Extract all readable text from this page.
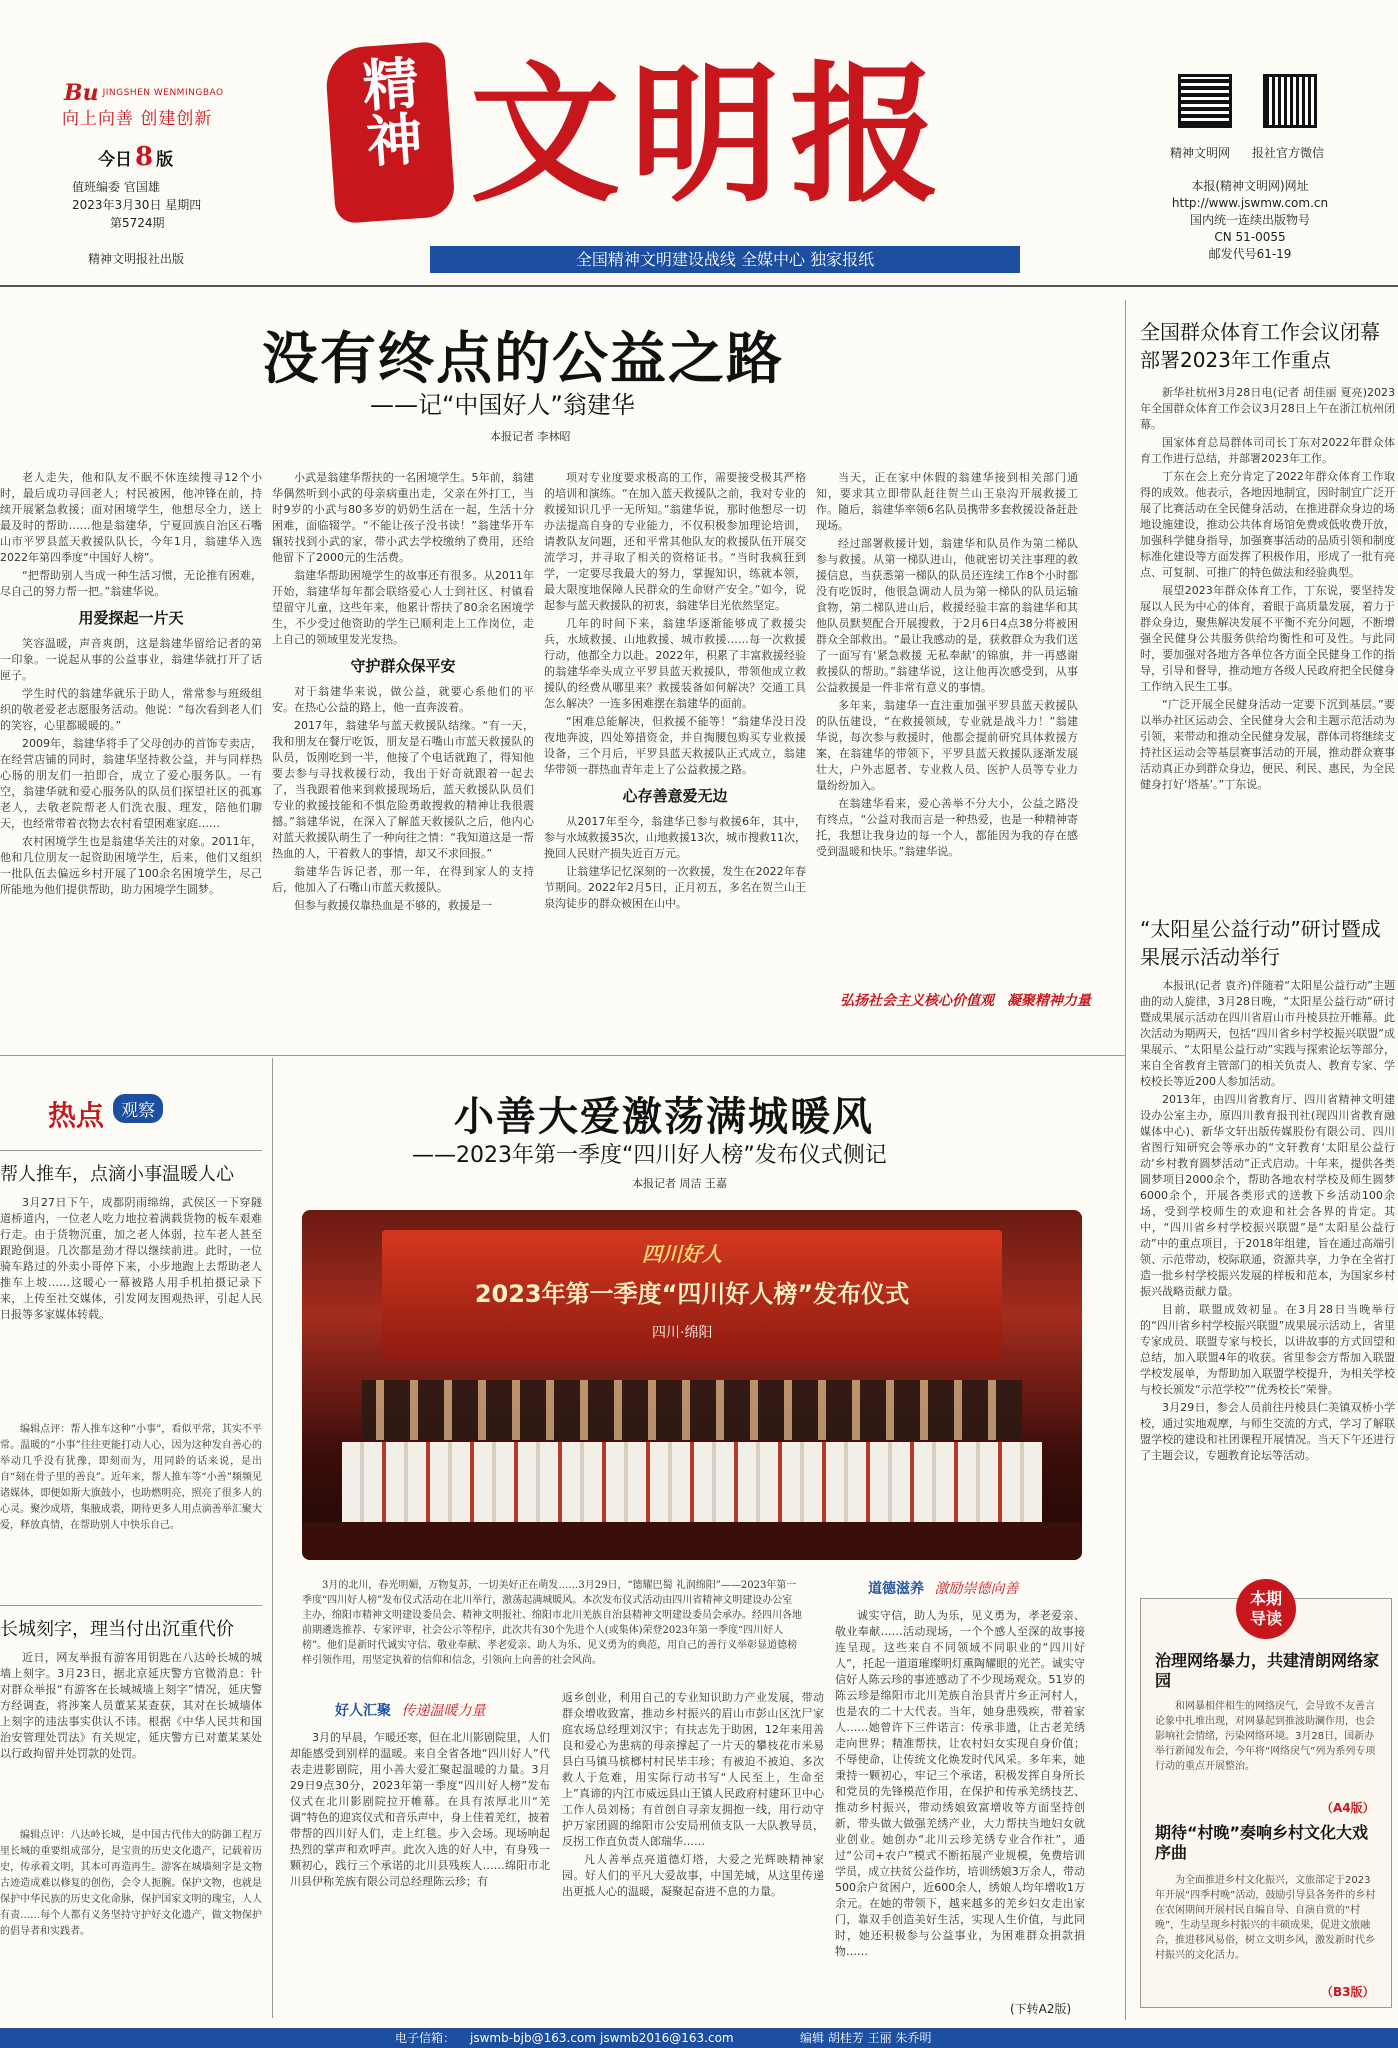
Bu JINGSHEN WENMINGBAO
向上向善 创建创新
今日 8 版
值班编委 官国雄
2023年3月30日 星期四
第5724期
精神文明报社出版
精神 文明报
全国精神文明建设战线 全媒中心 独家报纸
精神文明网 报社官方微信
本报(精神文明网)网址
http://www.jswmw.com.cn
国内统一连续出版物号
CN 51-0055
邮发代号61-19
没有终点的公益之路
——记“中国好人”翁建华
本报记者 李林昭

老人走失，他和队友不眠不休连续搜寻12个小时，最后成功寻回老人；村民被困，他冲锋在前，持续开展紧急救援；面对困境学生，他想尽全力，送上最及时的帮助……他是翁建华，宁夏回族自治区石嘴山市平罗县蓝天救援队队长，今年1月，翁建华入选2022年第四季度“中国好人榜”。

“把帮助别人当成一种生活习惯，无论推有困难，尽自己的努力帮一把。”翁建华说。

用爱探起一片天

笑容温暖，声音爽朗，这是翁建华留给记者的第一印象。一说起从事的公益事业，翁建华就打开了话匣子。

学生时代的翁建华就乐于助人，常常参与班级组织的敬老爱老志愿服务活动。他说：“每次看到老人们的笑容，心里都暖暖的。”

2009年，翁建华将手了父母创办的首饰专卖店，在经营店铺的同时，翁建华坚持救公益，并与同样热心肠的朋友们一拍即合，成立了爱心服务队。一有空，翁建华就和爱心服务队的队员们探望社区的孤寡老人，去敬老院帮老人们洗衣服、理发，陪他们聊天，也经常带着衣物去农村看望困难家庭……

农村困境学生也是翁建华关注的对象。2011年，他和几位朋友一起资助困境学生，后来，他们又组织一批队伍去偏远乡村开展了100余名困境学生，尽己所能地为他们提供帮助，助力困境学生圆梦。

小武是翁建华帮扶的一名困境学生。5年前，翁建华偶然听到小武的母亲病重出走，父亲在外打工，当时9岁的小武与80多岁的奶奶生活在一起，生活十分困难，面临辍学。“不能让孩子没书读！”翁建华开车辗转找到小武的家，带小武去学校缴纳了费用，还给他留下了2000元的生活费。

翁建华帮助困境学生的故事还有很多。从2011年开始，翁建华每年都会联络爱心人士到社区、村镇看望留守儿童，这些年来，他累计帮扶了80余名困境学生，不少受过他资助的学生已顺利走上工作岗位，走上自己的领域里发光发热。

守护群众保平安

对于翁建华来说，做公益，就要心系他们的平安。在热心公益的路上，他一直奔波着。

2017年，翁建华与蓝天救援队结缘。“有一天，我和朋友在餐厅吃饭，朋友是石嘴山市蓝天救援队的队员，饭刚吃到一半，他接了个电话就跑了，得知他要去参与寻找救援行动，我出于好奇就跟着一起去了，当我跟着他来到救援现场后，蓝天救援队队员们专业的救援技能和不惧危险勇敢搜救的精神让我很震撼。”翁建华说，在深入了解蓝天救援队之后，他内心对蓝天救援队萌生了一种向往之情：“我知道这是一帮热血的人，干着救人的事情，却又不求回报。”

翁建华告诉记者，那一年，在得到家人的支持后，他加入了石嘴山市蓝天救援队。

但参与救援仅靠热血是不够的，救援是一

项对专业度要求极高的工作，需要接受极其严格的培训和演练。“在加入蓝天救援队之前，我对专业的救援知识几乎一无所知。”翁建华说，那时他想尽一切办法提高自身的专业能力，不仅积极参加理论培训，请教队友问题，还和平常其他队友的救援队伍开展交流学习，并寻取了相关的资格证书。“当时我疯狂到学，一定要尽我最大的努力，掌握知识，练就本领，最大限度地保障人民群众的生命财产安全。”如今，说起参与蓝天救援队的初衷，翁建华目光依然坚定。

几年的时间下来，翁建华逐渐能够成了救援尖兵，水域救援、山地救援、城市救援……每一次救援行动，他都全力以赴。2022年，积累了丰富救援经验的翁建华牵头成立平罗县蓝天救援队，带领他成立救援队的经费从哪里来？救援装备如何解决？交通工具怎么解决？一连多困难摆在翁建华的面前。

“困难总能解决，但救援不能等！”翁建华没日没夜地奔波，四处筹措资金，并自掏腰包购买专业救援设备，三个月后，平罗县蓝天救援队正式成立，翁建华带领一群热血青年走上了公益救援之路。

心存善意爱无边

从2017年至今，翁建华已参与救援6年，其中，参与水域救援35次，山地救援13次，城市搜救11次，挽回人民财产损失近百万元。

让翁建华记忆深刻的一次救援，发生在2022年春节期间。2022年2月5日，正月初五，多名在贺兰山王泉沟徒步的群众被困在山中。

当天，正在家中休假的翁建华接到相关部门通知，要求其立即带队赶往贺兰山王泉沟开展救援工作。随后，翁建华率领6名队员携带多套救援设备赶赴现场。

经过部署救援计划，翁建华和队员作为第二梯队参与救援。从第一梯队进山，他就密切关注事理的救援信息，当获悉第一梯队的队员还连续工作8个小时都没有吃饭时，他很急调动人员为第一梯队的队员运输食物，第二梯队进山后，救援经验丰富的翁建华和其他队员默契配合开展搜救，于2月6日4点38分将被困群众全部救出。“最让我感动的是，获救群众为我们送了一面写有‘紧急救援 无私奉献’的锦旗，并一再感谢救援队的帮助。”翁建华说，这让他再次感受到，从事公益救援是一件非常有意义的事情。

多年来，翁建华一直注重加强平罗县蓝天救援队的队伍建设，“在救援领域，专业就是战斗力！”翁建华说，每次参与救援时，他都会提前研究具体救援方案，在翁建华的带领下，平罗县蓝天救援队逐渐发展壮大，户外志愿者、专业救人员、医护人员等专业力量纷纷加入。

在翁建华看来，爱心善举不分大小，公益之路没有终点，“公益对我而言是一种热爱，也是一种精神寄托，我想让我身边的每一个人，都能因为我的存在感受到温暖和快乐。”翁建华说。

弘扬社会主义核心价值观 凝聚精神力量
全国群众体育工作会议闭幕部署2023年工作重点

新华社杭州3月28日电(记者 胡佳丽 夏亮)2023年全国群众体育工作会议3月28日上午在浙江杭州闭幕。

国家体育总局群体司司长丁东对2022年群众体育工作进行总结，并部署2023年工作。

丁东在会上充分肯定了2022年群众体育工作取得的成效。他表示，各地因地制宜，因时制宜广泛开展了比赛活动在全民健身活动，在推进群众身边的场地设施建设，推动公共体育场馆免费或低收费开放，加强科学健身指导，加强赛事活动的品质引领和制度标准化建设等方面发挥了积极作用，形成了一批有亮点、可复制、可推广的特色做法和经验典型。

展望2023年群众体育工作，丁东说，要坚持发展以人民为中心的体育，着眼于高质量发展，着力于群众身边，聚焦解决发展不平衡不充分问题，不断增强全民健身公共服务供给均衡性和可及性。与此同时，要加强对各地方各单位各方面全民健身工作的指导，引导和督导，推动地方各级人民政府把全民健身工作纳入民生工事。

“广泛开展全民健身活动一定要下沉到基层。”要以举办社区运动会、全民健身大会和主题示范活动为引领，来带动和推动全民健身发展，群体司将继续支持社区运动会等基层赛事活动的开展，推动群众赛事活动真正办到群众身边，便民、利民、惠民，为全民健身打好‘塔基’。”丁东说。

“太阳星公益行动”研讨暨成果展示活动举行

本报讯(记者 袁齐)伴随着“太阳星公益行动”主题曲的动人旋律，3月28日晚，“太阳星公益行动”研讨暨成果展示活动在四川省眉山市丹棱县拉开帷幕。此次活动为期两天，包括“四川省乡村学校振兴联盟”成果展示、“太阳星公益行动”实践与探索论坛等部分，来自全省教育主管部门的相关负责人、教育专家、学校校长等近200人参加活动。

2013年，由四川省教育厅、四川省精神文明建设办公室主办，原四川教育报刊社(现四川省教育融媒体中心)、新华文轩出版传媒股份有限公司、四川省图行知研究会等承办的“文轩教育‘太阳星公益行动’乡村教育圆梦活动”正式启动。十年来，提供各类圆梦项目2000余个，帮助各地农村学校及师生圆梦6000余个，开展各类形式的送教下乡活动100余场，受到学校师生的欢迎和社会各界的肯定。其中，“四川省乡村学校振兴联盟”是“太阳星公益行动”中的重点项目，于2018年组建，旨在通过高端引领、示范带动，校际联通，资源共享，力争在全省打造一批乡村学校振兴发展的样板和范本，为国家乡村振兴战略贡献力量。

目前，联盟成效初显。在3月28日当晚举行的“四川省乡村学校振兴联盟”成果展示活动上，省里专家成员、联盟专家与校长，以讲故事的方式回望和总结，加入联盟4年的收获。省里参会方帮加入联盟学校发展单，为帮助加入联盟学校提升，为相关学校与校长颁发“示范学校”“优秀校长”荣誉。

3月29日，参会人员前往丹棱县仁美镇双桥小学校，通过实地观摩，与师生交流的方式，学习了解联盟学校的建设和社团课程开展情况。当天下午还进行了主题会议，专题教育论坛等活动。

本期
导读
治理网络暴力，共建清朗网络家园
和网暴相伴相生的网络戾气，会导致不友善言论象中扎堆出现，对网暴起到推波助澜作用，也会影响社会情绪，污染网络环境。3月28日，国新办举行新闻发布会，今年将“网络戾气”列为系列专项行动的重点开展整治。
（A4版）
期待“村晚”奏响乡村文化大戏序曲
为全面推进乡村文化振兴，文旅部定于2023年开展“四季村晚”活动，鼓励引导县各务件的乡村在农闲期间开展村民自编自导、自演自赏的“村晚”，生动呈现乡村振兴的丰硕成果，促进文旅融合，推进移风易俗，树立文明乡风，激发新时代乡村振兴的文化活力。
（B3版）
热点 观察
帮人推车，点滴小事温暖人心
3月27日下午，成都阴雨绵绵，武侯区一下穿隧道桥道内，一位老人吃力地拉着满载货物的板车艰难行走。由于货物沉重，加之老人体弱，拉车老人甚至跟跄倒退。几次都是劲才得以继续前进。此时，一位骑车路过的外卖小哥停下来，小步地跑上去帮助老人推车上坡……这暖心一幕被路人用手机拍摄记录下来，上传至社交媒体，引发网友围观热评，引起人民日报等多家媒体转载。
编辑点评：帮人推车这种“小事”，看似平常，其实不平常。温暖的“小事”往往更能打动人心，因为这种发自善心的举动几乎没有犹豫，即刻而为，用同龄的话来说，是出自“刻在骨子里的善良”。近年来，帮人推车等“小善”频频见诸媒体，即便如斯大旗鼓小，也助燃明亮，照亮了很多人的心灵。聚沙成塔，集腋成裘，期待更多人用点滴善举汇聚大爱，释放真情，在帮助别人中快乐自己。
长城刻字，理当付出沉重代价
近日，网友举报有游客用钥匙在八达岭长城的城墙上刻字。3月23日，据北京延庆警方官微消息：针对群众举报“有游客在长城城墙上刻字”情况，延庆警方经调查，将涉案人员董某某查获，其对在长城墙体上刻字的违法事实供认不讳。根据《中华人民共和国治安管理处罚法》有关规定，延庆警方已对董某某处以行政拘留并处罚款的处罚。
编辑点评：八达岭长城，是中国古代伟大的防御工程万里长城的重要组成部分，是宝贵的历史文化遗产，记载着历史，传承着文明，其本可再造再生。游客在城墙刻字是文物古迹造成难以修复的创伤，会令人扼腕。保护文物，也就是保护中华民族的历史文化命脉，保护国家文明的瑰宝，人人有责……每个人都有义务坚持守护好文化遗产，做文物保护的倡导者和实践者。
小善大爱激荡满城暖风
——2023年第一季度“四川好人榜”发布仪式侧记
本报记者 周洁 王嘉
四川好人
2023年第一季度“四川好人榜”发布仪式
四川·绵阳
3月的北川，春光明媚，万物复苏，一切美好正在萌发……3月29日，“德耀巴蜀 礼润绵阳”——2023年第一季度“四川好人榜”发布仪式活动在北川举行，激荡起满城暖风。本次发布仪式活动由四川省精神文明建设办公室主办，绵阳市精神文明建设委员会、精神文明报社、绵阳市北川羌族自治县精神文明建设委员会承办。经四川各地前期遴选推荐、专家评审，社会公示等程序，此次共有30个先进个人(或集体)荣登2023年第一季度“四川好人榜”。他们是新时代诚实守信、敬业奉献、孝老爱亲、助人为乐、见义勇为的典范，用自己的善行义举彰显道德榜样引领作用，用坚定执着的信仰和信念，引领向上向善的社会风尚。
好人汇聚 传递温暖力量
3月的早晨，乍暖还寒，但在北川影剧院里，人们却能感受到别样的温暖。来自全省各地“四川好人”代表走进影剧院，用小善大爱汇聚起温暖的力量。3月29日9点30分，2023年第一季度“四川好人榜”发布仪式在北川影剧院拉开帷幕。在具有浓厚北川“羌调”特色的迎宾仪式和音乐声中，身上佳着羌红，披着带帮的四川好人们，走上红毯。步入会场。现场响起热烈的掌声和欢呼声。此次入选的好人中，有身残一颗初心，践行三个承诺的北川县残疾人……绵阳市北川县伊称羌族有限公司总经理陈云珍；有

返乡创业，利用自己的专业知识助力产业发展，带动群众增收致富，推动乡村振兴的眉山市彭山区沈尸家庭农场总经理刘汉宇；有扶志先于助困，12年来用善良和爱心为患病的母亲撑起了一片天的攀枝花市米易县白马镇马槟榔村村民毕丰珍；有被迫不被迫、多次救人于危难，用实际行动书写“人民至上，生命至上”真谛的内江市威远县山王镇人民政府村建环卫中心工作人员刘杨；有首创自寻亲友拥抱一线，用行动守护万家团圆的绵阳市公安局刑侦支队一大队教导员，反拐工作直负责人郎瑞华……

凡人善举点亮道德灯塔，大爱之光辉映精神家园。好人们的平凡大爱故事，中国羌城，从这里传递出更抵人心的温暖，凝聚起奋进不息的力量。

道德滋养 激励崇德向善
诚实守信，助人为乐，见义勇为，孝老爱亲、敬业奉献……活动现场，一个个感人至深的故事接连呈现。这些来自不同领域不同职业的“四川好人”，托起一道道璀璨明灯熏陶耀眼的光芒。诚实守信好人陈云珍的事迹感动了不少现场观众。51岁的陈云珍是绵阳市北川羌族自治县青片乡正河村人，也是农的二十大代表。当年，她身患残疾，带着家人……她曾许下三件诺言：传承非遗，让古老羌绣走向世界；精准帮扶，让农村妇女实现自身价值；不辱使命，让传统文化焕发时代风采。多年来，她秉持一颗初心，牢记三个承诺，积极发挥自身所长和党员的先锋模范作用，在保护和传承羌绣技艺、推动乡村振兴，带动绣娘致富增收等方面坚持创新，带头做大做强羌绣产业，大力帮扶当地妇女就业创业。她创办“北川云珍羌绣专业合作社”，通过“公司+农户”模式不断拓展产业规模，免费培训学员，成立扶贫公益作坊，培训绣娘3万余人，带动500余户贫困户，近600余人，绣娘人均年增收1万余元。在她的带领下，越来越多的羌乡妇女走出家门，靠双手创造美好生活，实现人生价值，与此同时，她还积极参与公益事业，为困难群众捐款捐物……
(下转A2版)
电子信箱： jswmb-bjb@163.com jswmb2016@163.com	编辑 胡桂芳 王丽 朱乔明
